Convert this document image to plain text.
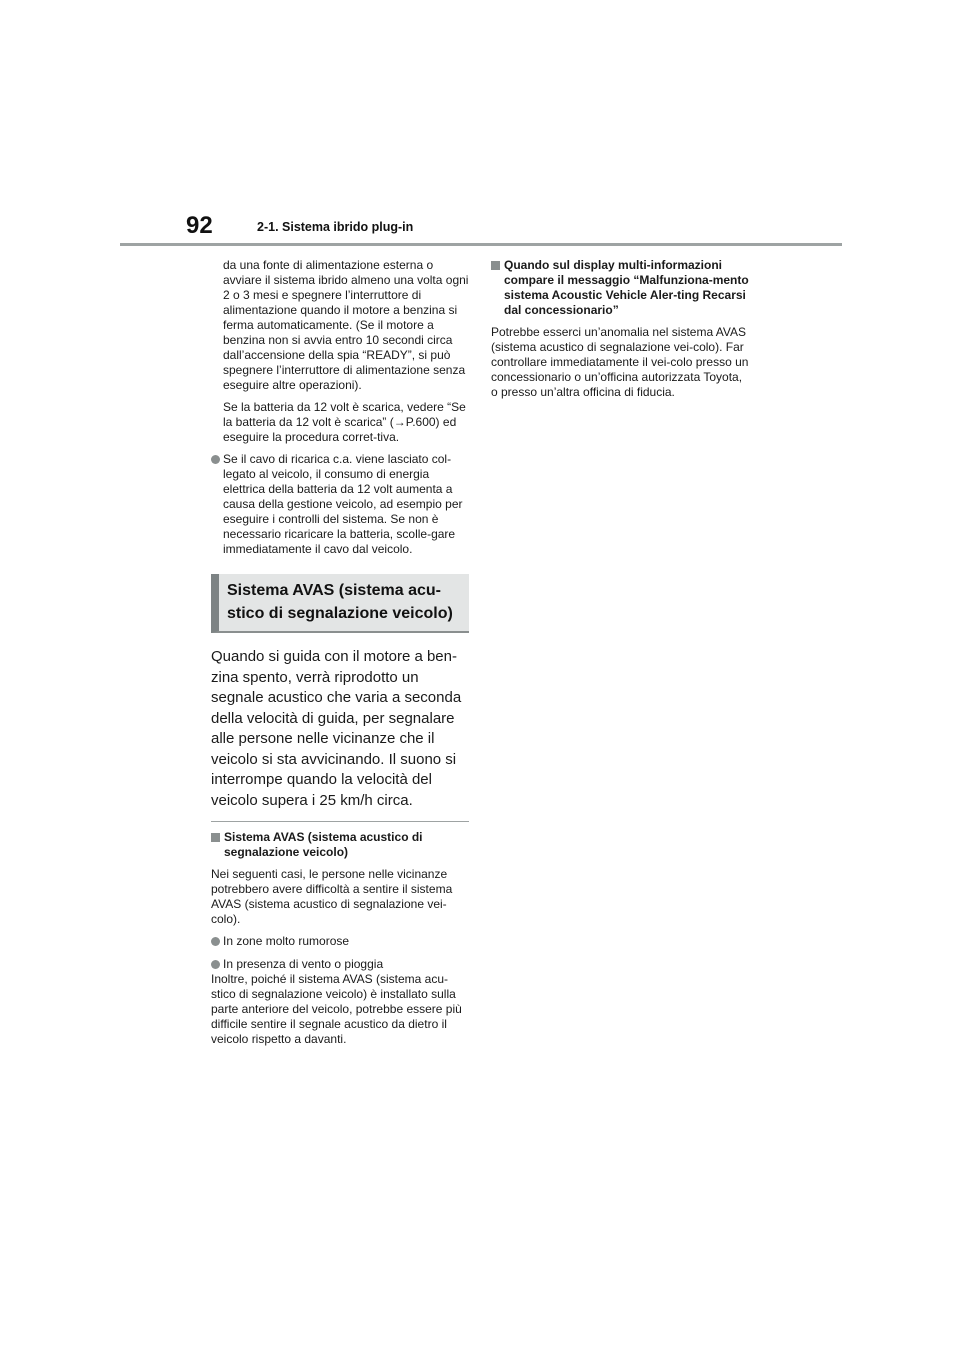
92	2-1. Sistema ibrido plug-in

da una fonte di alimentazione esterna o avviare il sistema ibrido almeno una volta ogni 2 o 3 mesi e spegnere l’interruttore di alimentazione quando il motore a benzina si ferma automaticamente. (Se il motore a benzina non si avvia entro 10 secondi circa dall’accensione della spia “READY”, si può spegnere l’interruttore di alimentazione senza eseguire altre operazioni).

Se la batteria da 12 volt è scarica, vedere “Se la batteria da 12 volt è scarica” (→P.600) ed eseguire la procedura corret-tiva.

Se il cavo di ricarica c.a. viene lasciato col-legato al veicolo, il consumo di energia elettrica della batteria da 12 volt aumenta a causa della gestione veicolo, ad esempio per eseguire i controlli del sistema. Se non è necessario ricaricare la batteria, scolle-gare immediatamente il cavo dal veicolo.
Sistema AVAS (sistema acu-stico di segnalazione veicolo)

Quando si guida con il motore a ben-zina spento, verrà riprodotto un segnale acustico che varia a seconda della velocità di guida, per segnalare alle persone nelle vicinanze che il veicolo si sta avvicinando. Il suono si interrompe quando la velocità del veicolo supera i 25 km/h circa.

Sistema AVAS (sistema acustico di segnalazione veicolo)

Nei seguenti casi, le persone nelle vicinanze potrebbero avere difficoltà a sentire il sistema AVAS (sistema acustico di segnalazione vei-colo).

In zone molto rumorose
In presenza di vento o pioggia

Inoltre, poiché il sistema AVAS (sistema acu-stico di segnalazione veicolo) è installato sulla parte anteriore del veicolo, potrebbe essere più difficile sentire il segnale acustico da dietro il veicolo rispetto a davanti.

Quando sul display multi-informazioni compare il messaggio “Malfunziona-mento sistema Acoustic Vehicle Aler-ting Recarsi dal concessionario”

Potrebbe esserci un’anomalia nel sistema AVAS (sistema acustico di segnalazione vei-colo). Far controllare immediatamente il vei-colo presso un concessionario o un’officina autorizzata Toyota, o presso un’altra officina di fiducia.
